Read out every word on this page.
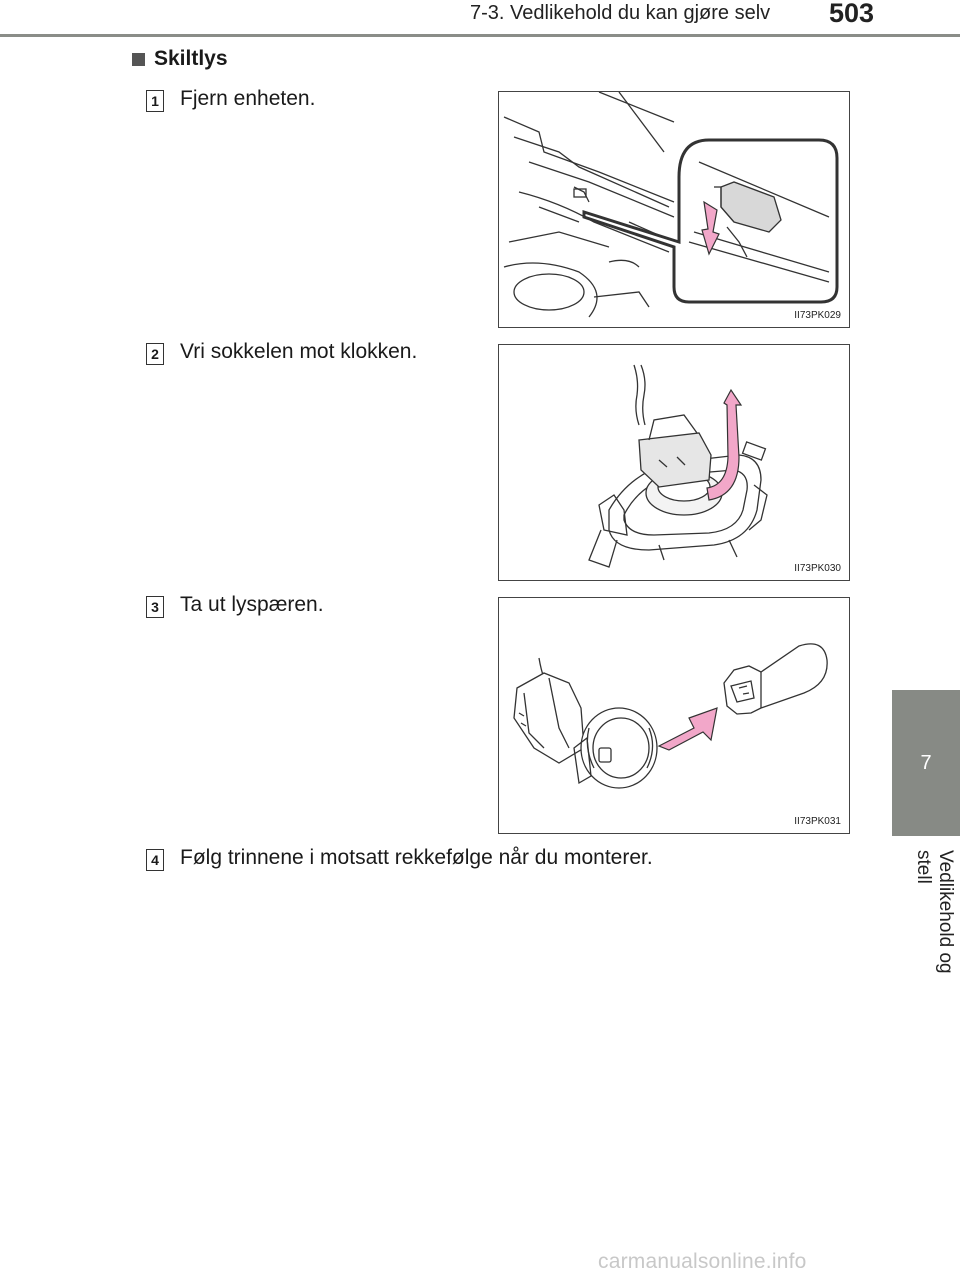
7-3. Vedlikehold du kan gjøre selv 503
7
Vedlikehold og stell
Skiltlys
1 Fjern enheten.
II73PK029
2 Vri sokkelen mot klokken.
II73PK030
3 Ta ut lyspæren.
II73PK031
4 Følg trinnene i motsatt rekkefølge når du monterer.
carmanualsonline.info
